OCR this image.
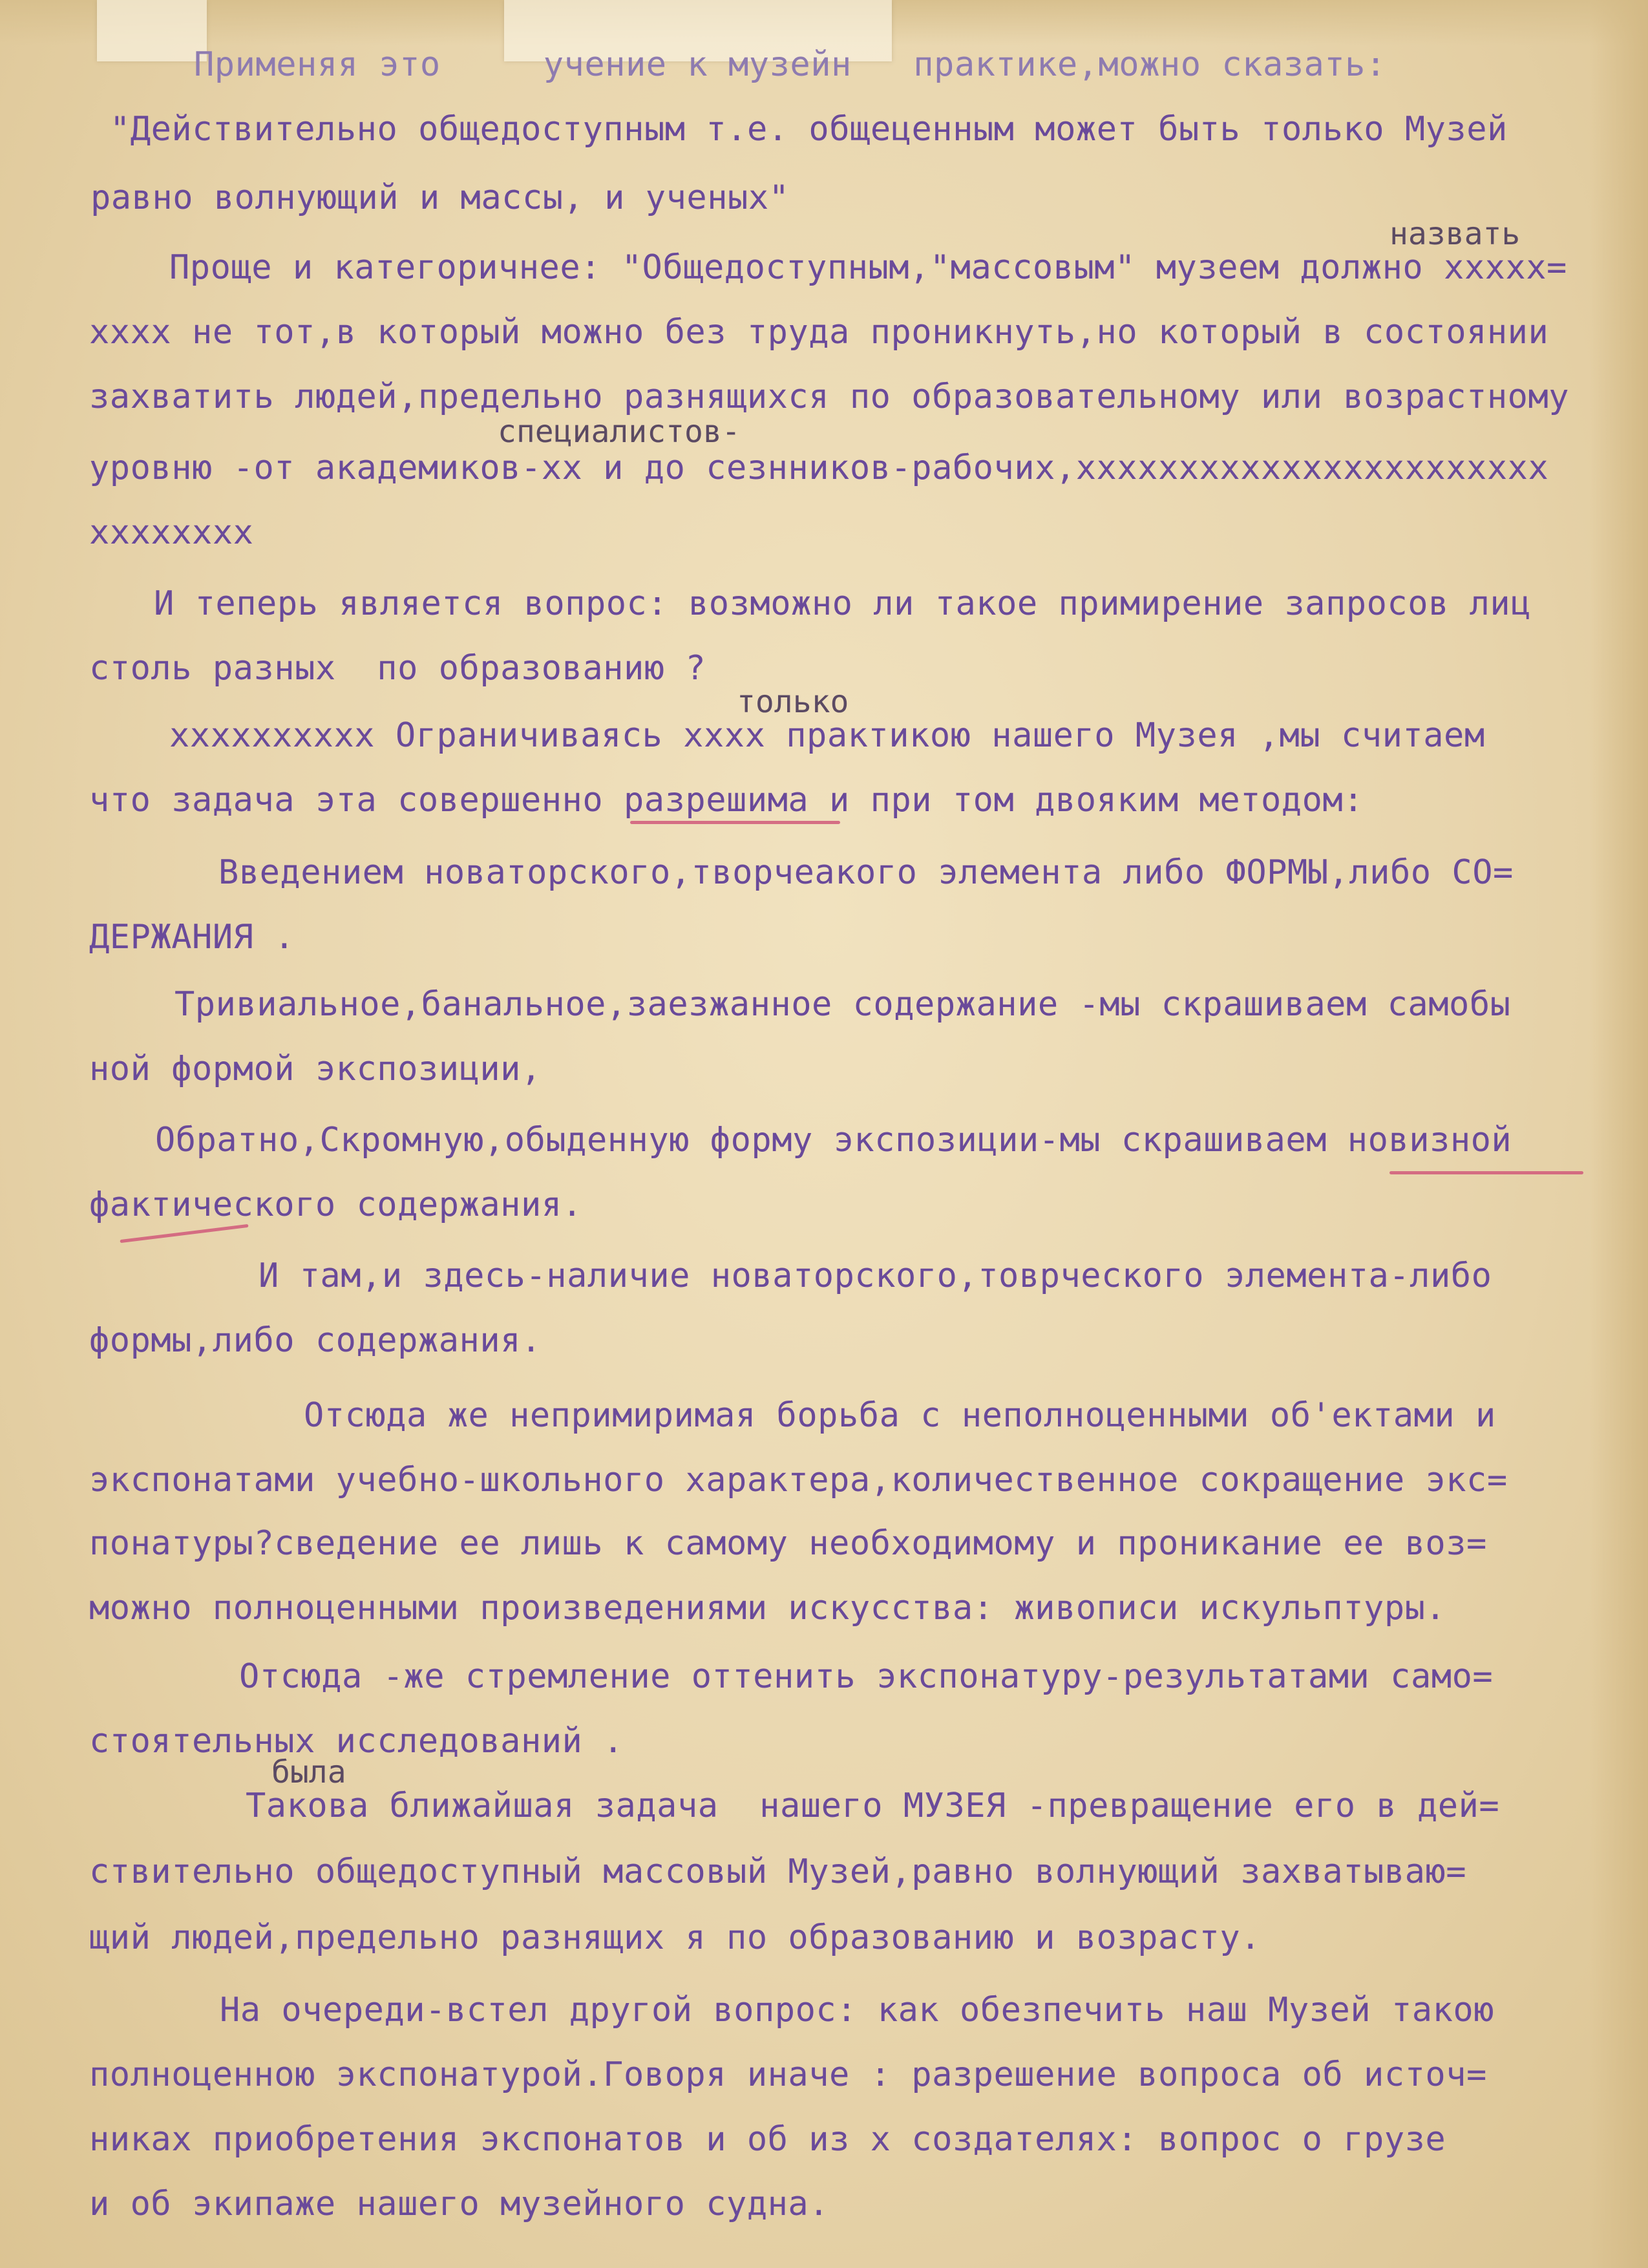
Применяя это     учение к музейн   практике,можно сказать:
"Действительно общедоступным т.е. общеценным может быть только Музей
равно волнующий и массы, и ученых"
назвать
Проще и категоричнее: "Общедоступным,"массовым" музеем должно xxxxx=
xxxx не тот,в который можно без труда проникнуть,но который в состоянии
захватить людей,предельно разнящихся по образовательному или возрастному
специалистов-
уровню -от академиков-xx и до сезнников-рабочих,xxxxxxxxxxxxxxxxxxxxxxx
xxxxxxxx
И теперь является вопрос: возможно ли такое примирение запросов лиц
столь разных  по образованию ?
только
xxxxxxxxxx Ограничиваясь xxxx практикою нашего Музея ,мы считаем
что задача эта совершенно разрешима и при том двояким методом:
Введением новаторского,творчеакого элемента либо ФОРМЫ,либо СО=
ДЕРЖАНИЯ .
Тривиальное,банальное,заезжанное содержание -мы скрашиваем самобы
ной формой экспозиции,
Обратно,Скромную,обыденную форму экспозиции-мы скрашиваем новизной
фактического содержания.
И там,и здесь-наличие новаторского,товрческого элемента-либо
формы,либо содержания.
Отсюда же непримиримая борьба с неполноценными об'ектами и
экспонатами учебно-школьного характера,количественное сокращение экс=
понатуры?сведение ее лишь к самому необходимому и проникание ее воз=
можно полноценными произведениями искусства: живописи искульптуры.
Отсюда -же стремление оттенить экспонатуру-результатами само=
стоятельных исследований .
была
Такова ближайшая задача  нашего МУЗЕЯ -превращение его в дей=
ствительно общедоступный массовый Музей,равно волнующий захватываю=
щий людей,предельно разнящих я по образованию и возрасту.
На очереди-встел другой вопрос: как обезпечить наш Музей такою
полноценною экспонатурой.Говоря иначе : разрешение вопроса об источ=
никах приобретения экспонатов и об из х создателях: вопрос о грузе
и об экипаже нашего музейного судна.
